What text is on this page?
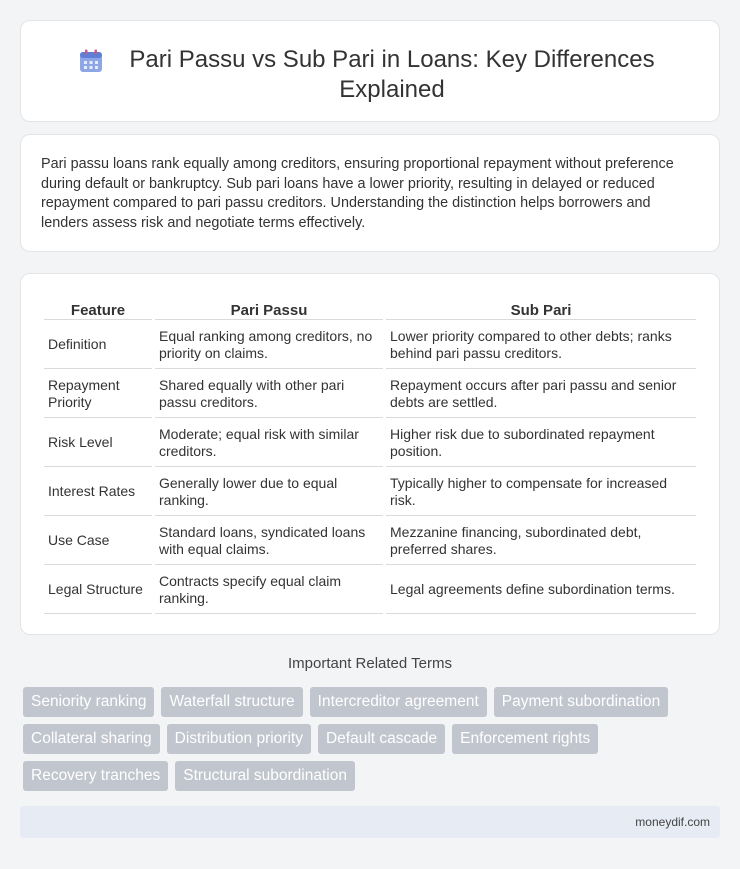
Pari Passu vs Sub Pari in Loans: Key Differences Explained

Pari passu loans rank equally among creditors, ensuring proportional repayment without preference during default or bankruptcy. Sub pari loans have a lower priority, resulting in delayed or reduced repayment compared to pari passu creditors. Understanding the distinction helps borrowers and lenders assess risk and negotiate terms effectively.

Feature	Pari Passu	Sub Pari
Definition	Equal ranking among creditors, no priority on claims.	Lower priority compared to other debts; ranks behind pari passu creditors.
Repayment Priority	Shared equally with other pari passu creditors.	Repayment occurs after pari passu and senior debts are settled.
Risk Level	Moderate; equal risk with similar creditors.	Higher risk due to subordinated repayment position.
Interest Rates	Generally lower due to equal ranking.	Typically higher to compensate for increased risk.
Use Case	Standard loans, syndicated loans with equal claims.	Mezzanine financing, subordinated debt, preferred shares.
Legal Structure	Contracts specify equal claim ranking.	Legal agreements define subordination terms.
Important Related Terms
Seniority ranking	Waterfall structure	Intercreditor agreement	Payment subordination
Collateral sharing	Distribution priority	Default cascade	Enforcement rights
Recovery tranches	Structural subordination
moneydif.com
